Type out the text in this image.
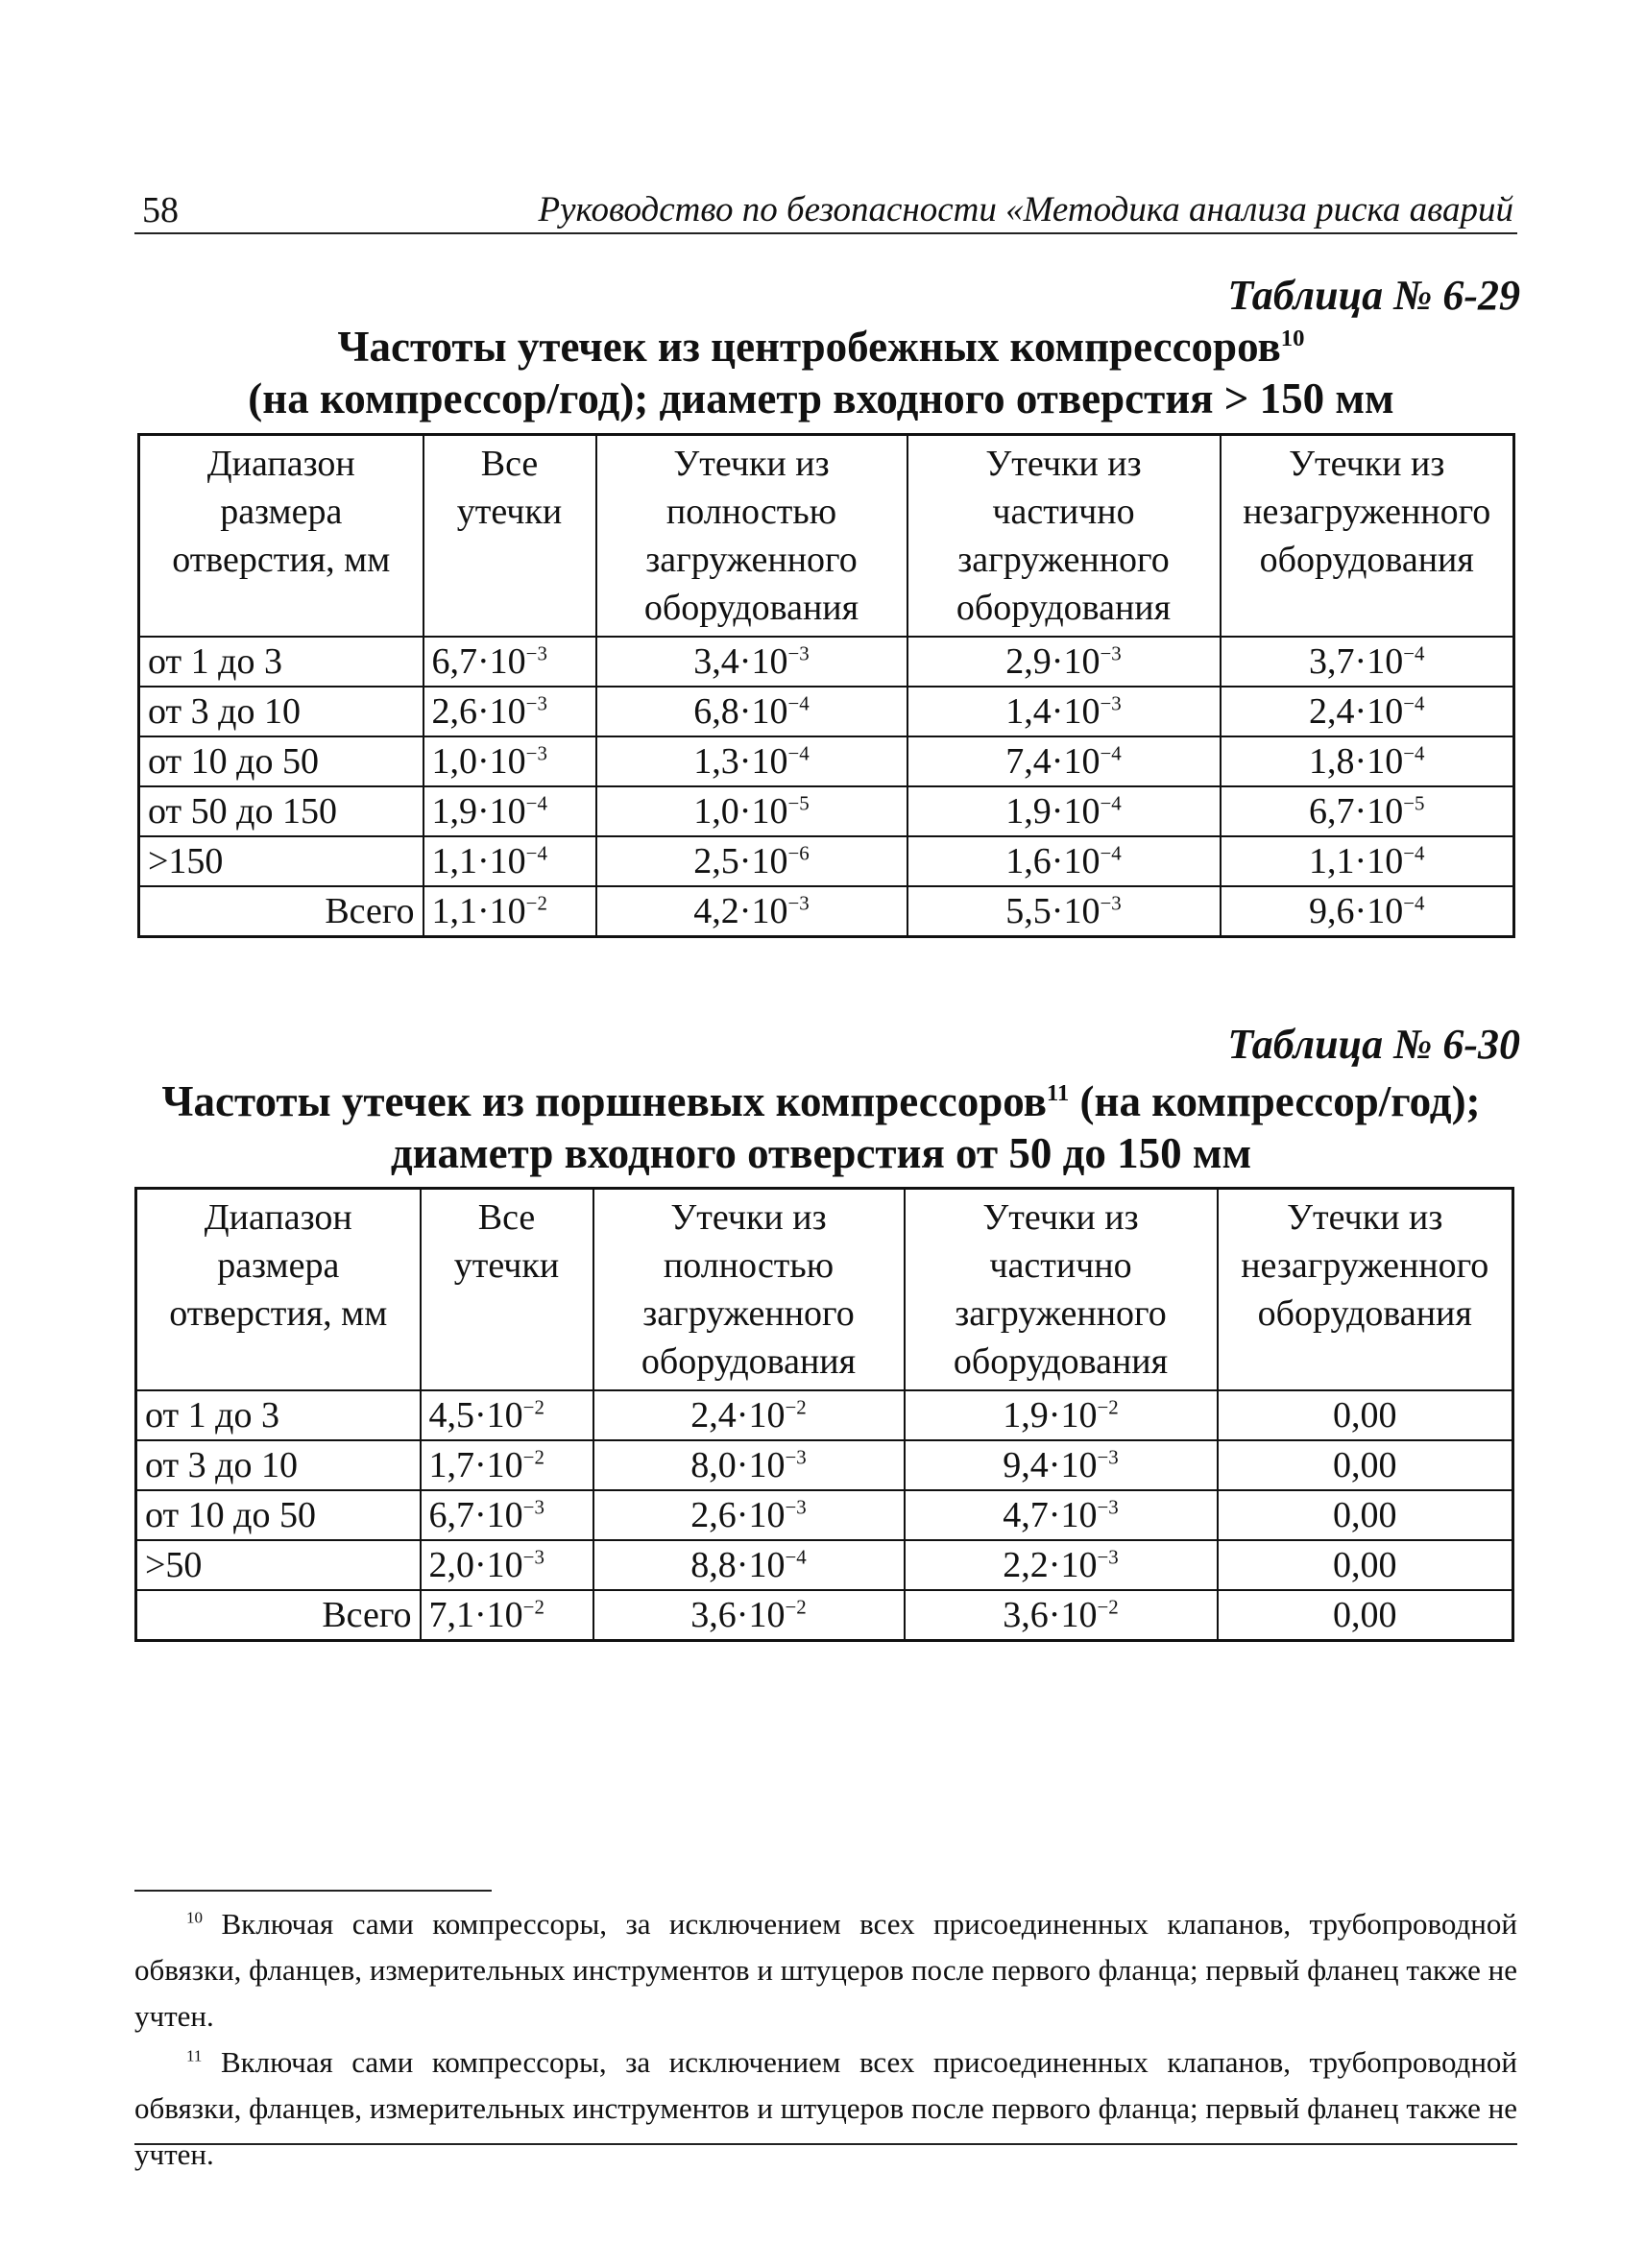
58	Руководство по безопасности «Методика анализа риска аварий
Таблица № 6-29
Частоты утечек из центробежных компрессоров$^{10}$
(на компрессор/год); диаметр входного отверстия > 150 мм
Диапазон размера отверстия, мм	Все утечки	Утечки из полностью загруженного оборудования	Утечки из частично загруженного оборудования	Утечки из незагруженного оборудования
от 1 до 3	$6,7\cdot 10^{-3}$	$3,4\cdot 10^{-3}$	$2,9\cdot 10^{-3}$	$3,7\cdot 10^{-4}$
от 3 до 10	$2,6\cdot 10^{-3}$	$6,8\cdot 10^{-4}$	$1,4\cdot 10^{-3}$	$2,4\cdot 10^{-4}$
от 10 до 50	$1,0\cdot 10^{-3}$	$1,3\cdot 10^{-4}$	$7,4\cdot 10^{-4}$	$1,8\cdot 10^{-4}$
от 50 до 150	$1,9\cdot 10^{-4}$	$1,0\cdot 10^{-5}$	$1,9\cdot 10^{-4}$	$6,7\cdot 10^{-5}$
>150	$1,1\cdot 10^{-4}$	$2,5\cdot 10^{-6}$	$1,6\cdot 10^{-4}$	$1,1\cdot 10^{-4}$
Всего	$1,1\cdot 10^{-2}$	$4,2\cdot 10^{-3}$	$5,5\cdot 10^{-3}$	$9,6\cdot 10^{-4}$
Таблица № 6-30
Частоты утечек из поршневых компрессоров$^{11}$ (на компрессор/год);
диаметр входного отверстия от 50 до 150 мм
Диапазон размера отверстия, мм	Все утечки	Утечки из полностью загруженного оборудования	Утечки из частично загруженного оборудования	Утечки из незагруженного оборудования
от 1 до 3	$4,5\cdot 10^{-2}$	$2,4\cdot 10^{-2}$	$1,9\cdot 10^{-2}$	0,00
от 3 до 10	$1,7\cdot 10^{-2}$	$8,0\cdot 10^{-3}$	$9,4\cdot 10^{-3}$	0,00
от 10 до 50	$6,7\cdot 10^{-3}$	$2,6\cdot 10^{-3}$	$4,7\cdot 10^{-3}$	0,00
>50	$2,0\cdot 10^{-3}$	$8,8\cdot 10^{-4}$	$2,2\cdot 10^{-3}$	0,00
Всего	$7,1\cdot 10^{-2}$	$3,6\cdot 10^{-2}$	$3,6\cdot 10^{-2}$	0,00

$^{10}$ Включая сами компрессоры, за исключением всех присоединенных клапанов, трубопроводной обвязки, фланцев, измерительных инструментов и штуцеров после первого фланца; первый фланец также не учтен.

$^{11}$ Включая сами компрессоры, за исключением всех присоединенных клапанов, трубопроводной обвязки, фланцев, измерительных инструментов и штуцеров после первого фланца; первый фланец также не учтен.
